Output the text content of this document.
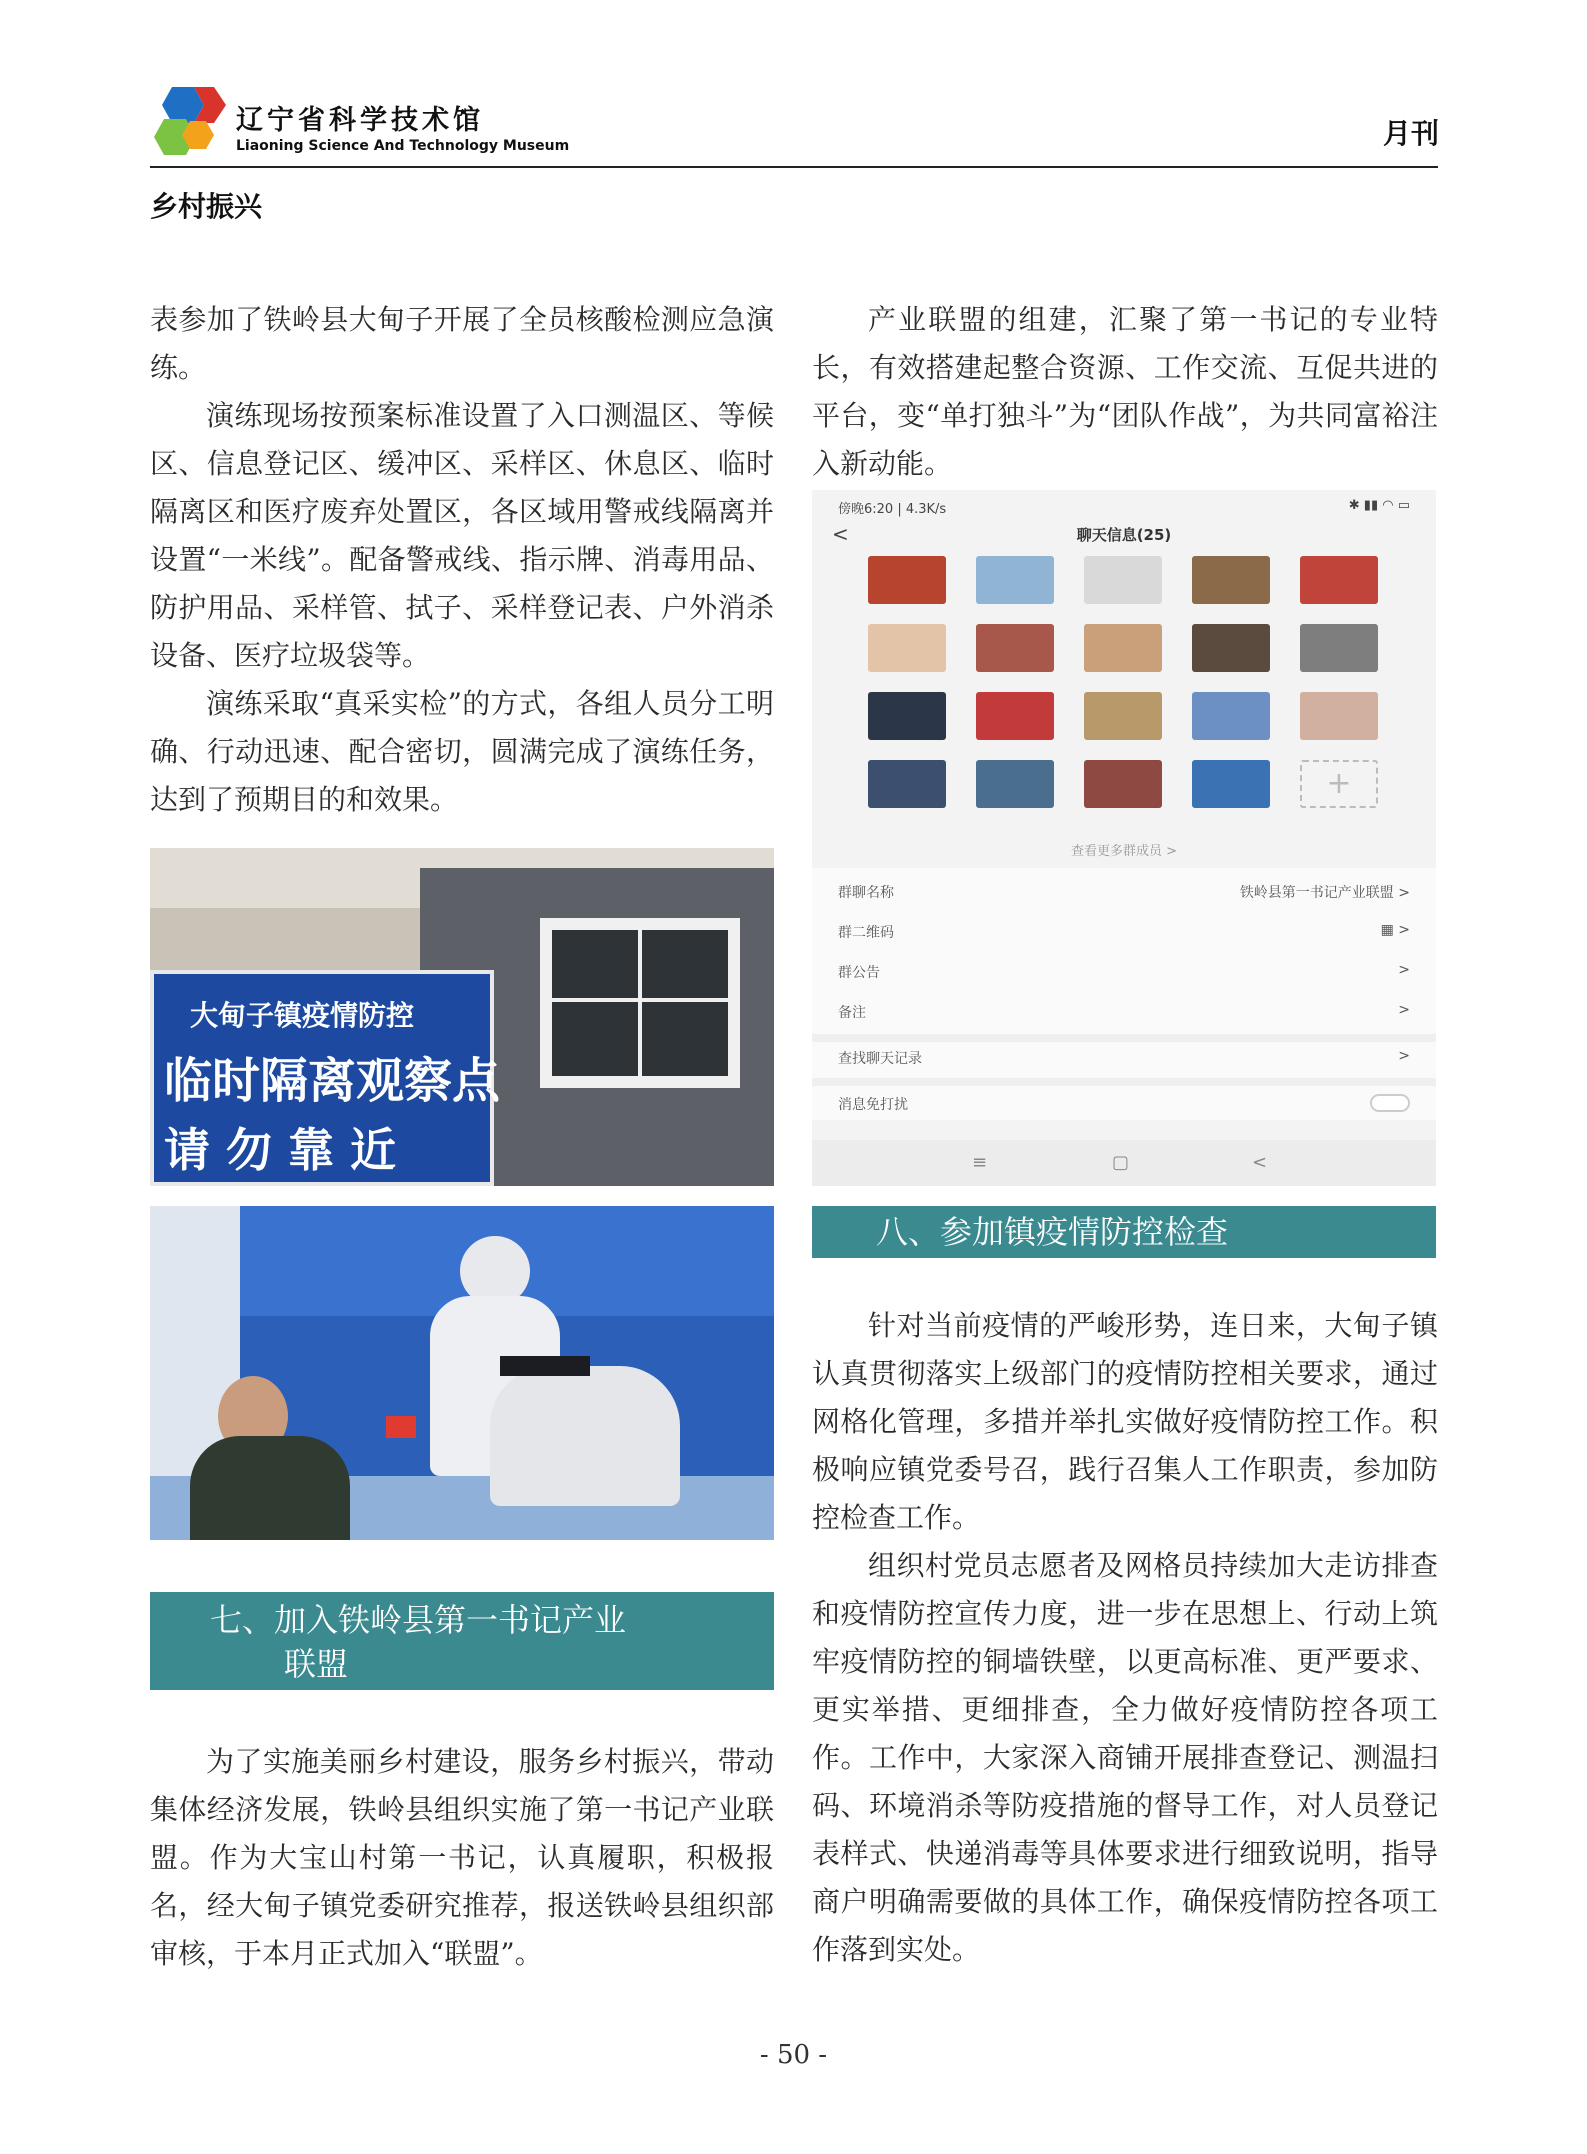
辽宁省科学技术馆
Liaoning Science And Technology Museum	月刊
乡村振兴

表参加了铁岭县大甸子开展了全员核酸检测应急演练。

演练现场按预案标准设置了入口测温区、等候区、信息登记区、缓冲区、采样区、休息区、临时隔离区和医疗废弃处置区，各区域用警戒线隔离并设置“一米线”。配备警戒线、指示牌、消毒用品、防护用品、采样管、拭子、采样登记表、户外消杀设备、医疗垃圾袋等。

演练采取“真采实检”的方式，各组人员分工明确、行动迅速、配合密切，圆满完成了演练任务，达到了预期目的和效果。

大甸子镇疫情防控
临时隔离观察点
请 勿 靠 近
七、加入铁岭县第一书记产业
联盟

为了实施美丽乡村建设，服务乡村振兴，带动集体经济发展，铁岭县组织实施了第一书记产业联盟。作为大宝山村第一书记，认真履职，积极报名，经大甸子镇党委研究推荐，报送铁岭县组织部审核，于本月正式加入“联盟”。

产业联盟的组建，汇聚了第一书记的专业特长，有效搭建起整合资源、工作交流、互促共进的平台，变“单打独斗”为“团队作战”，为共同富裕注入新动能。

傍晚6:20 | 4.3K/s	✱ ▮▮ ◠ ▭
<	聊天信息(25)
+
查看更多群成员 >
群聊名称	铁岭县第一书记产业联盟 >
群二维码	▦ >
群公告	>
备注	>
查找聊天记录	>
消息免打扰
≡	▢	<
八、参加镇疫情防控检查

针对当前疫情的严峻形势，连日来，大甸子镇认真贯彻落实上级部门的疫情防控相关要求，通过网格化管理，多措并举扎实做好疫情防控工作。积极响应镇党委号召，践行召集人工作职责，参加防控检查工作。

组织村党员志愿者及网格员持续加大走访排查和疫情防控宣传力度，进一步在思想上、行动上筑牢疫情防控的铜墙铁壁，以更高标准、更严要求、更实举措、更细排查，全力做好疫情防控各项工作。工作中，大家深入商铺开展排查登记、测温扫码、环境消杀等防疫措施的督导工作，对人员登记表样式、快递消毒等具体要求进行细致说明，指导商户明确需要做的具体工作，确保疫情防控各项工作落到实处。

- 50 -
